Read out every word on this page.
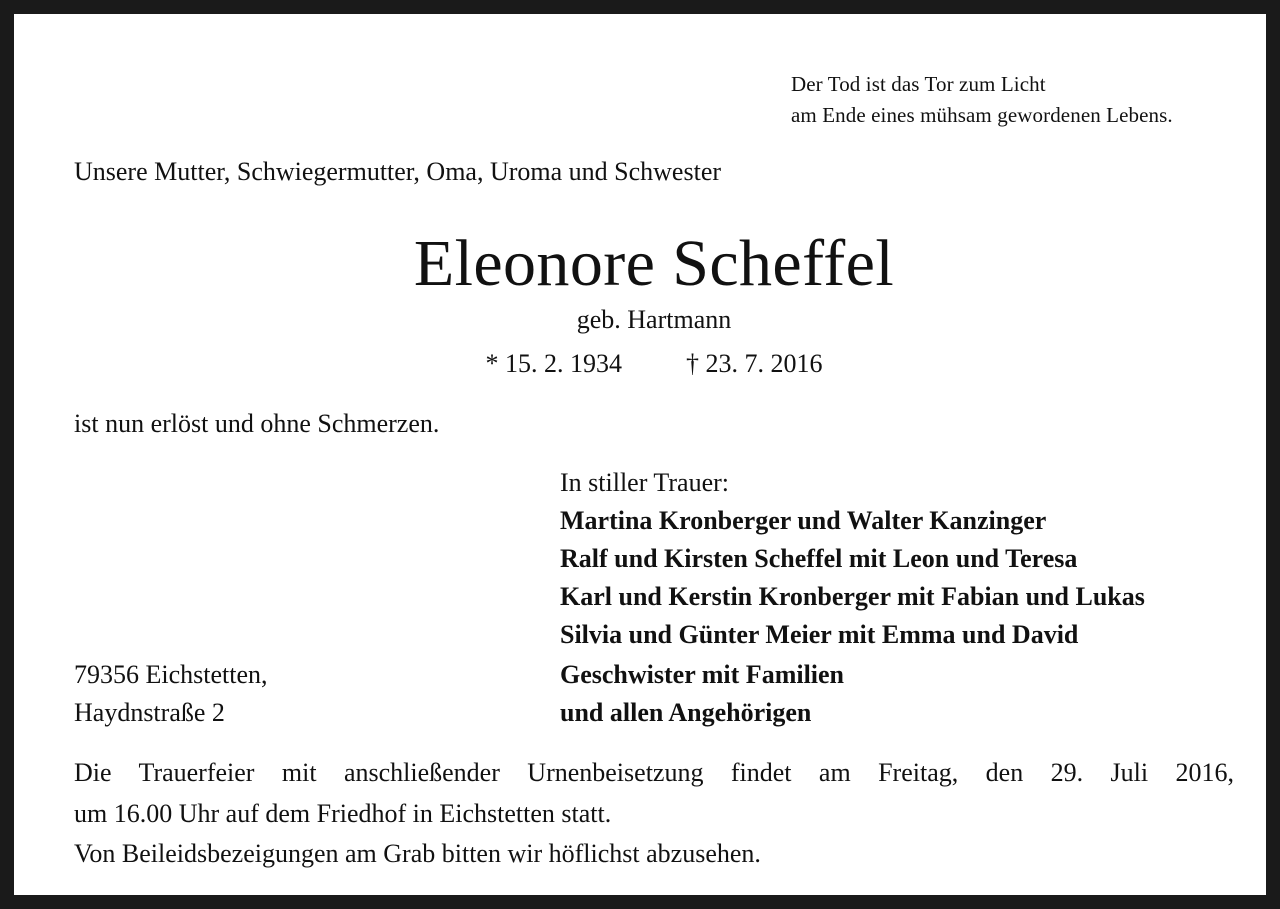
Der Tod ist das Tor zum Licht
am Ende eines mühsam gewordenen Lebens.
Unsere Mutter, Schwiegermutter, Oma, Uroma und Schwester
Eleonore Scheffel
geb. Hartmann
* 15. 2. 1934 † 23. 7. 2016
ist nun erlöst und ohne Schmerzen.
In stiller Trauer:
Martina Kronberger und Walter Kanzinger
Ralf und Kirsten Scheffel mit Leon und Teresa
Karl und Kerstin Kronberger mit Fabian und Lukas
Silvia und Günter Meier mit Emma und David
Geschwister mit Familien
und allen Angehörigen
79356 Eichstetten,
Haydnstraße 2
Die Trauerfeier mit anschließender Urnenbeisetzung findet am Freitag, den 29. Juli 2016,
um 16.00 Uhr auf dem Friedhof in Eichstetten statt.
Von Beileidsbezeigungen am Grab bitten wir höflichst abzusehen.
